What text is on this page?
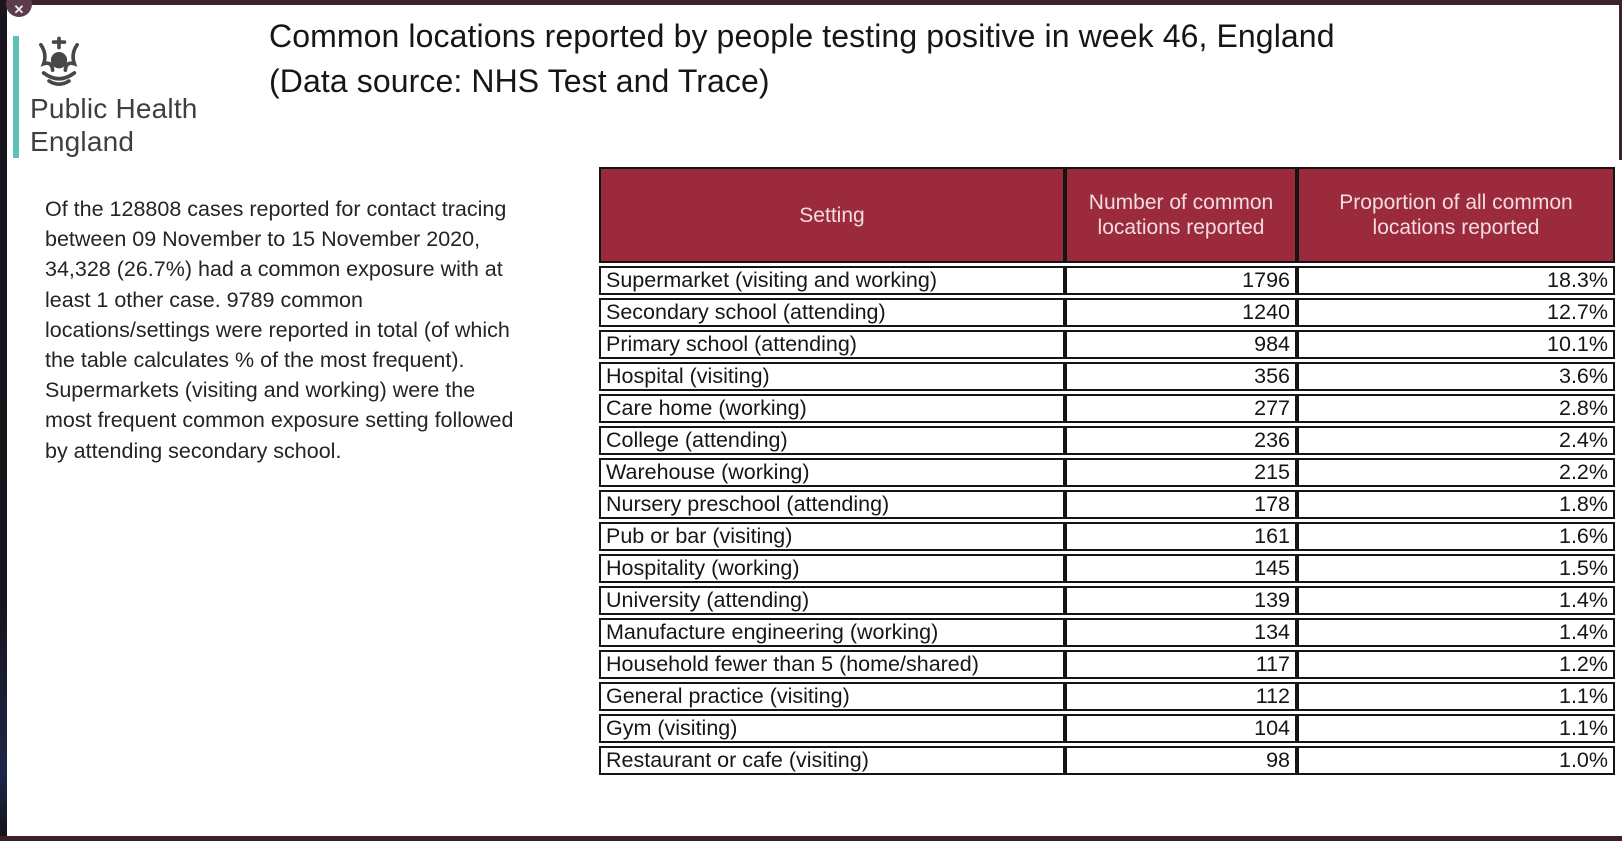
✕
Public Health
England
Common locations reported by people testing positive in week 46, England
(Data source: NHS Test and Trace)
Of the 128808 cases reported for contact tracing between 09 November to 15 November 2020, 34,328 (26.7%) had a common exposure with at least 1 other case. 9789 common locations/settings were reported in total (of which the table calculates % of the most frequent). Supermarkets (visiting and working) were the most frequent common exposure setting followed by attending secondary school.
Setting	Number of common locations reported	Proportion of all common locations reported
Supermarket (visiting and working)	1796	18.3%
Secondary school (attending)	1240	12.7%
Primary school (attending)	984	10.1%
Hospital (visiting)	356	3.6%
Care home (working)	277	2.8%
College (attending)	236	2.4%
Warehouse (working)	215	2.2%
Nursery preschool (attending)	178	1.8%
Pub or bar (visiting)	161	1.6%
Hospitality (working)	145	1.5%
University (attending)	139	1.4%
Manufacture engineering (working)	134	1.4%
Household fewer than 5 (home/shared)	117	1.2%
General practice (visiting)	112	1.1%
Gym (visiting)	104	1.1%
Restaurant or cafe (visiting)	98	1.0%
